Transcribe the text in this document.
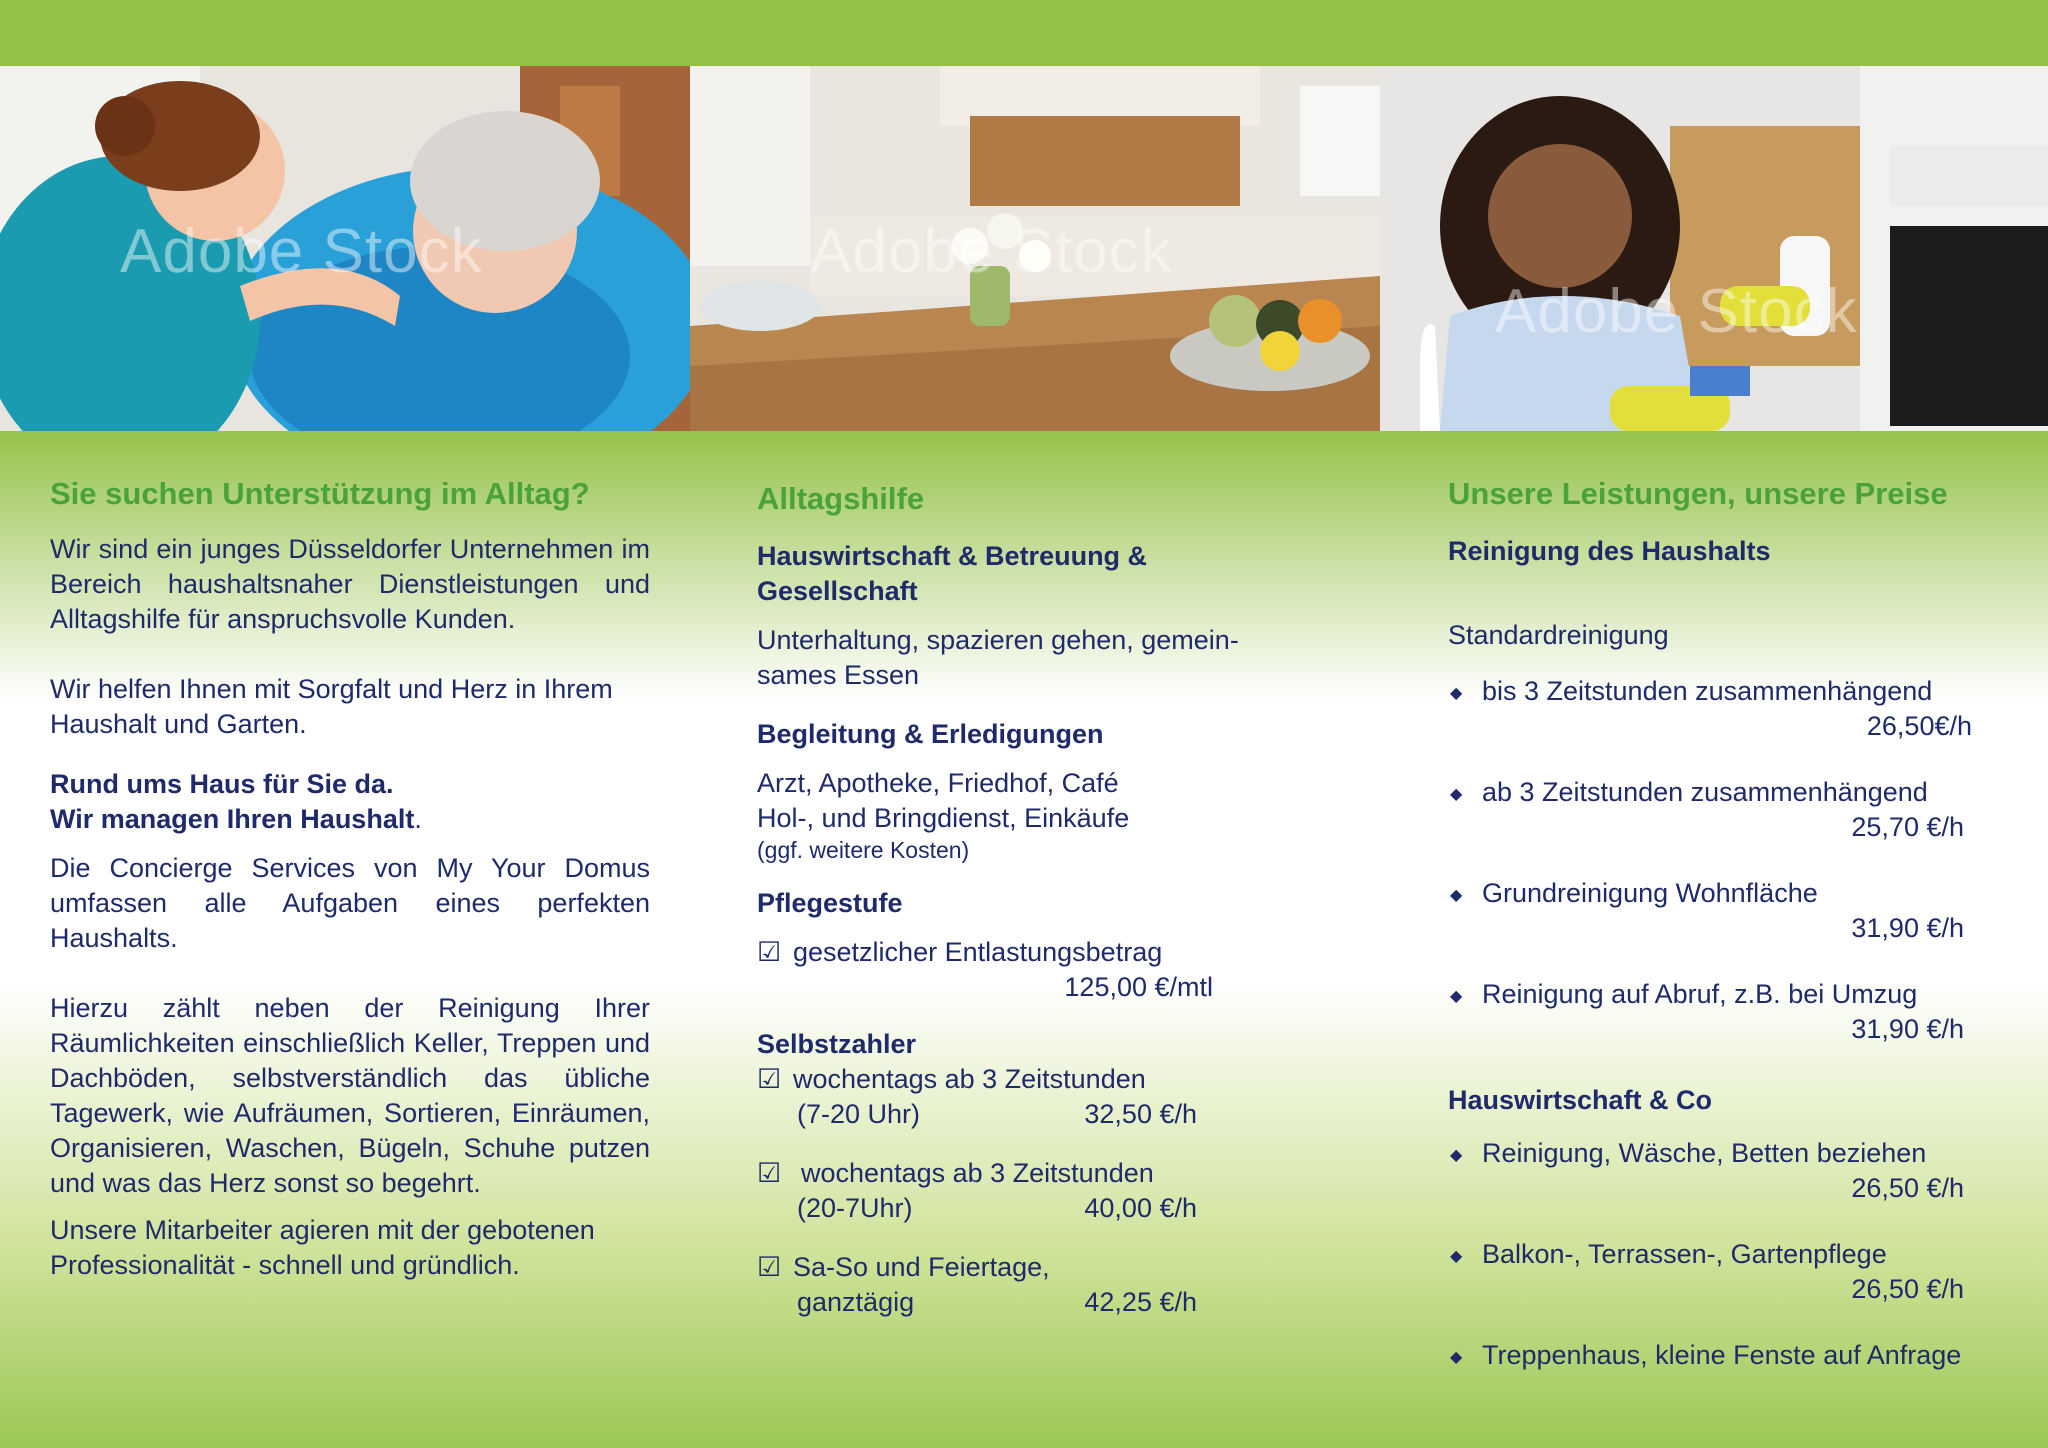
Adobe Stock	Adobe Stock
Adobe Stock
Sie suchen Unterstützung im Alltag?

Wir sind ein junges Düsseldorfer Unternehmen im Bereich haushaltsnaher Dienstleistungen und Alltagshilfe für anspruchsvolle Kunden.

Wir helfen Ihnen mit Sorgfalt und Herz in Ihrem Haushalt und Garten.

Rund ums Haus für Sie da.

Wir managen Ihren Haushalt.

Die Concierge Services von My Your Domus umfassen alle Aufgaben eines perfekten Haushalts.

Hierzu zählt neben der Reinigung Ihrer Räumlichkeiten einschließlich Keller, Treppen und Dachböden, selbstverständlich das übliche Tagewerk, wie Aufräumen, Sortieren, Einräumen, Organisieren, Waschen, Bügeln, Schuhe putzen und was das Herz sonst so begehrt.

Unsere Mitarbeiter agieren mit der gebotenen Professionalität - schnell und gründlich.

Alltagshilfe

Hauswirtschaft & Betreuung & Gesellschaft

Unterhaltung, spazieren gehen, gemein-sames Essen

Begleitung & Erledigungen

Arzt, Apotheke, Friedhof, Café

Hol-, und Bringdienst, Einkäufe

(ggf. weitere Kosten)

Pflegestufe

☑ gesetzlicher Entlastungsbetrag
125,00 €/mtl

Selbstzahler

☑ wochentags ab 3 Zeitstunden
(7-20 Uhr)	32,50 €/h
☑ wochentags ab 3 Zeitstunden
(20-7Uhr)	40,00 €/h
☑ Sa-So und Feiertage,
ganztägig	42,25 €/h
Unsere Leistungen, unsere Preise

Reinigung des Haushalts

Standardreinigung

◆ bis 3 Zeitstunden zusammenhängend
26,50€/h
◆ ab 3 Zeitstunden zusammenhängend
25,70 €/h
◆ Grundreinigung Wohnfläche
31,90 €/h
◆ Reinigung auf Abruf, z.B. bei Umzug
31,90 €/h

Hauswirtschaft & Co

◆ Reinigung, Wäsche, Betten beziehen
26,50 €/h
◆ Balkon-, Terrassen-, Gartenpflege
26,50 €/h
◆ Treppenhaus, kleine Fenste auf Anfrage
